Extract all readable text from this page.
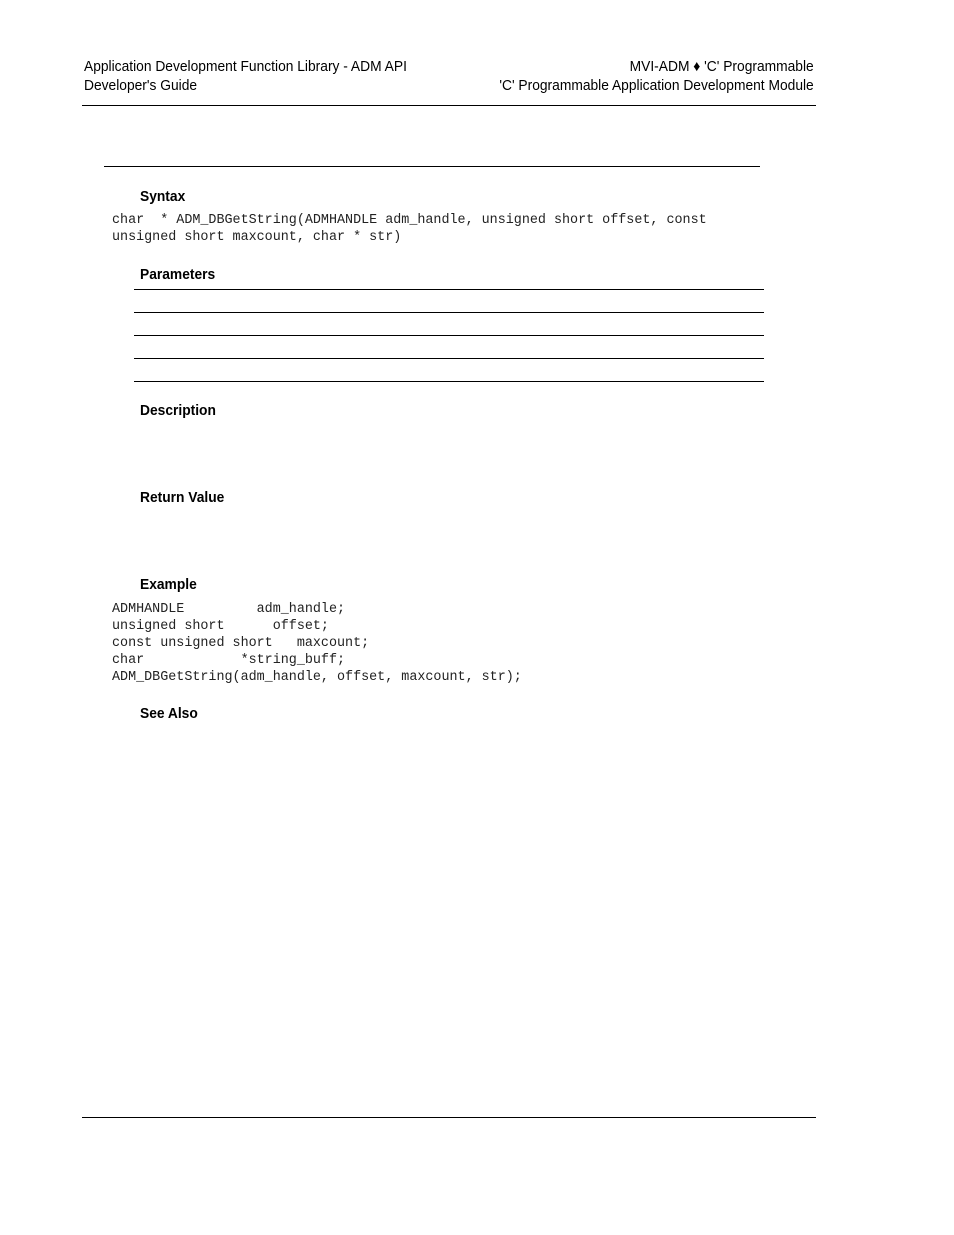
Application Development Function Library - ADM API
Developer's Guide
MVI-ADM ♦ 'C' Programmable
'C' Programmable Application Development Module
Syntax
char  * ADM_DBGetString(ADMHANDLE adm_handle, unsigned short offset, const
unsigned short maxcount, char * str)
Parameters
Description
Return Value
Example
ADMHANDLE         adm_handle;
unsigned short      offset;
const unsigned short   maxcount;
char            *string_buff;
ADM_DBGetString(adm_handle, offset, maxcount, str);
See Also
